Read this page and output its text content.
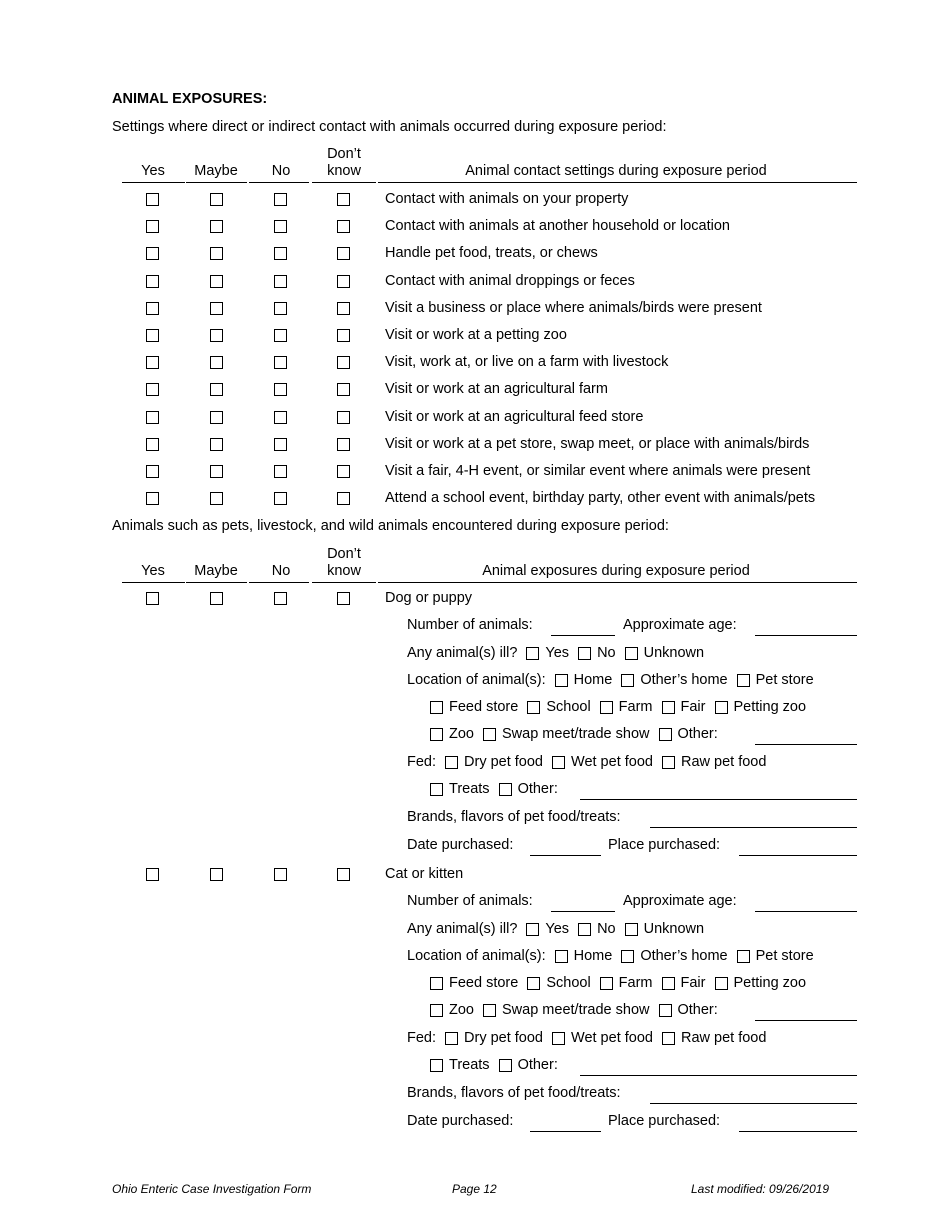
ANIMAL EXPOSURES:
Settings where direct or indirect contact with animals occurred during exposure period:
Yes	Maybe	No
Don’t
know	Animal contact settings during exposure period
Contact with animals on your property
Contact with animals at another household or location
Handle pet food, treats, or chews
Contact with animal droppings or feces
Visit a business or place where animals/birds were present
Visit or work at a petting zoo
Visit, work at, or live on a farm with livestock
Visit or work at an agricultural farm
Visit or work at an agricultural feed store
Visit or work at a pet store, swap meet, or place with animals/birds
Visit a fair, 4-H event, or similar event where animals were present
Attend a school event, birthday party, other event with animals/pets
Animals such as pets, livestock, and wild animals encountered during exposure period:
Yes	Maybe	No
Don’t
know	Animal exposures during exposure period
Dog or puppy
Number of animals:	Approximate age:
Any animal(s) ill? Yes No Unknown
Location of animal(s): Home Other’s home Pet store
Feed store School Farm Fair Petting zoo
Zoo Swap meet/trade show Other:
Fed: Dry pet food Wet pet food Raw pet food
Treats Other:
Brands, flavors of pet food/treats:
Date purchased:	Place purchased:
Cat or kitten
Number of animals:	Approximate age:
Any animal(s) ill? Yes No Unknown
Location of animal(s): Home Other’s home Pet store
Feed store School Farm Fair Petting zoo
Zoo Swap meet/trade show Other:
Fed: Dry pet food Wet pet food Raw pet food
Treats Other:
Brands, flavors of pet food/treats:
Date purchased:	Place purchased:
Ohio Enteric Case Investigation Form	Page 12	Last modified: 09/26/2019
